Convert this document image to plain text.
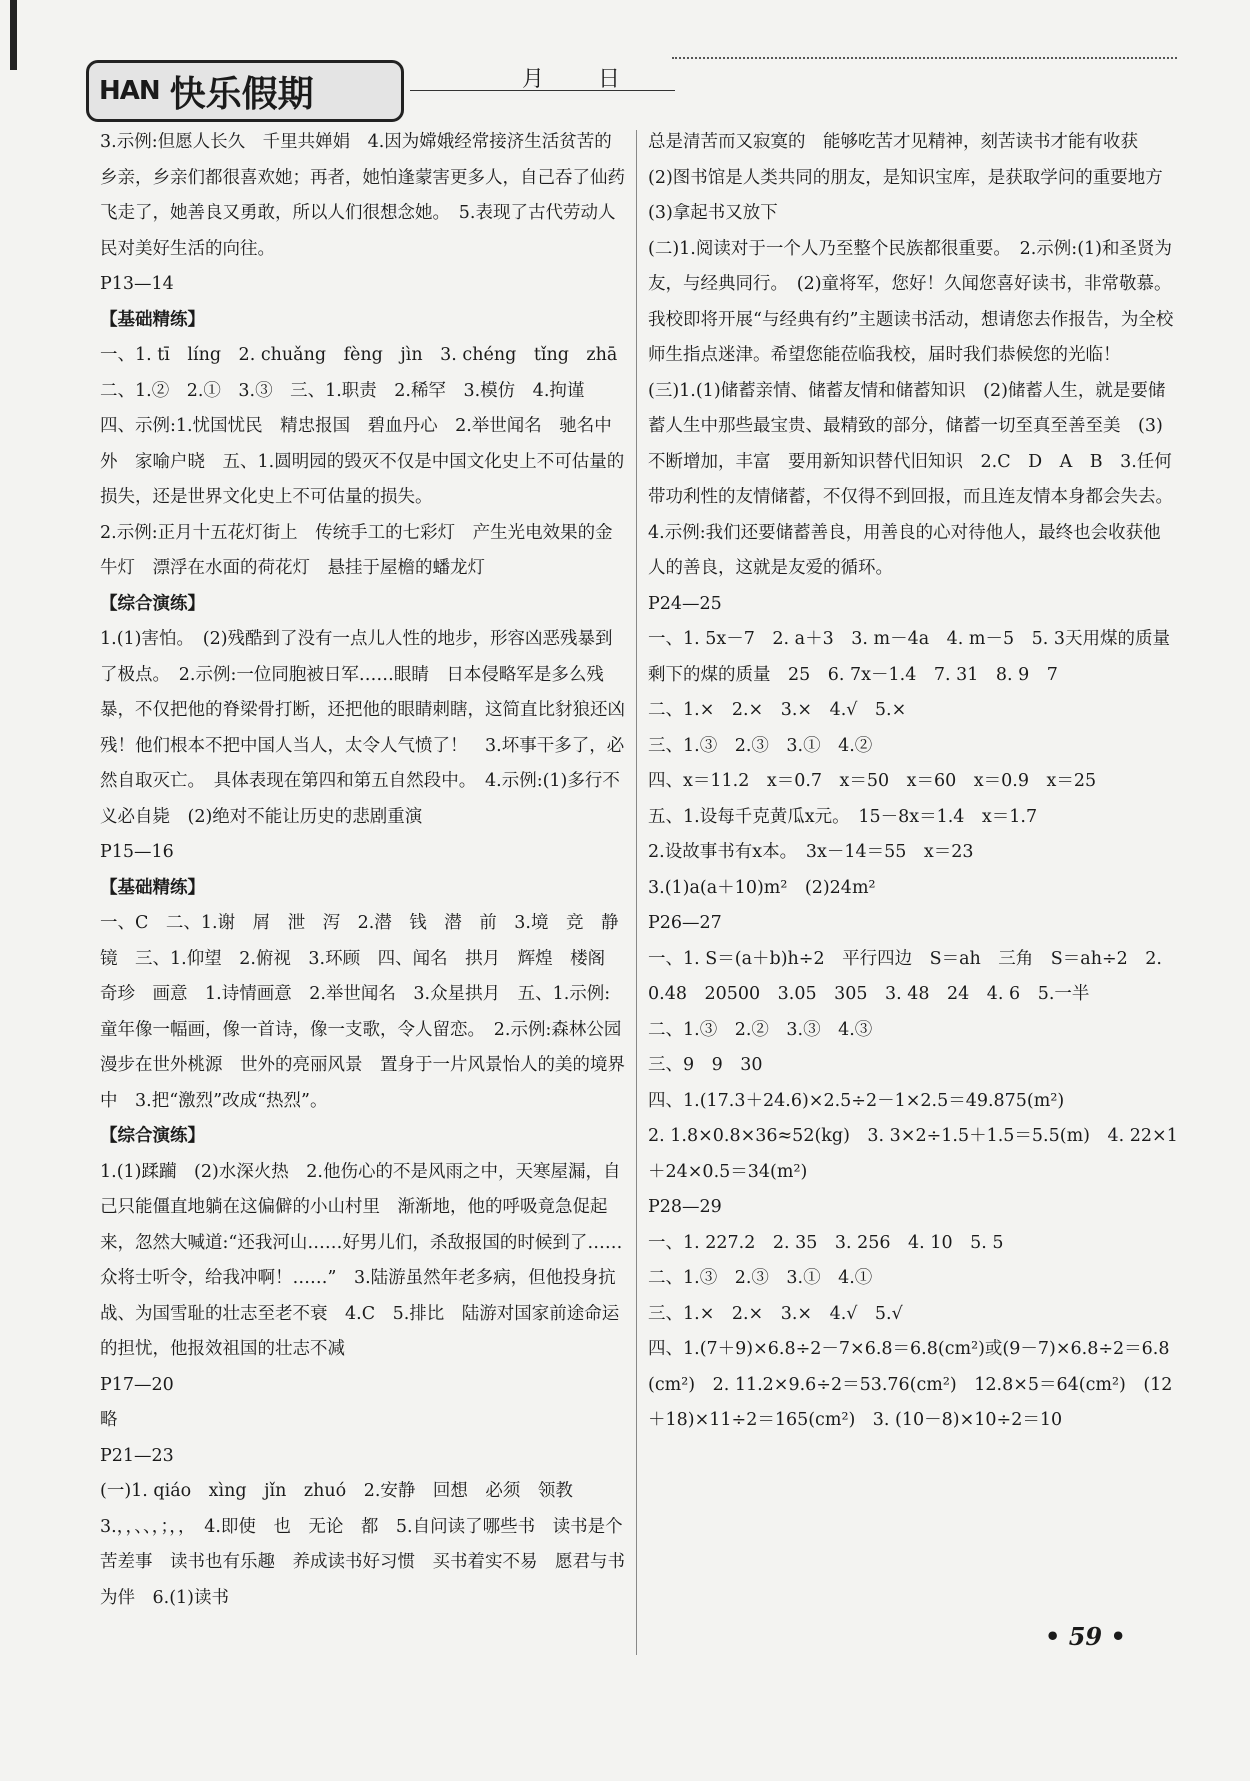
HAN 快乐假期	月 日

3.示例:但愿人长久　千里共婵娟　4.因为嫦娥经常接济生活贫苦的乡亲，乡亲们都很喜欢她；再者，她怕逢蒙害更多人，自己吞了仙药飞走了，她善良又勇敢，所以人们很想念她。　5.表现了古代劳动人民对美好生活的向往。

P13—14

【基础精练】

一、1. tī　líng　2. chuǎng　fèng　jìn　3. chéng　tǐng　zhā

二、1.②　2.①　3.③　三、1.职责　2.稀罕　3.模仿　4.拘谨　四、示例:1.忧国忧民　精忠报国　碧血丹心　2.举世闻名　驰名中外　家喻户晓　五、1.圆明园的毁灭不仅是中国文化史上不可估量的损失，还是世界文化史上不可估量的损失。

2.示例:正月十五花灯街上　传统手工的七彩灯　产生光电效果的金牛灯　漂浮在水面的荷花灯　悬挂于屋檐的蟠龙灯

【综合演练】

1.(1)害怕。　(2)残酷到了没有一点儿人性的地步，形容凶恶残暴到了极点。　2.示例:一位同胞被日军……眼睛　日本侵略军是多么残暴，不仅把他的脊梁骨打断，还把他的眼睛刺瞎，这简直比豺狼还凶残！他们根本不把中国人当人，太令人气愤了！　3.坏事干多了，必然自取灭亡。　具体表现在第四和第五自然段中。　4.示例:(1)多行不义必自毙　(2)绝对不能让历史的悲剧重演

P15—16

【基础精练】

一、C　二、1.谢　屑　泄　泻　2.潜　钱　潜　前　3.境　竞　静　镜　三、1.仰望　2.俯视　3.环顾　四、闻名　拱月　辉煌　楼阁　奇珍　画意　1.诗情画意　2.举世闻名　3.众星拱月　五、1.示例:童年像一幅画，像一首诗，像一支歌，令人留恋。　2.示例:森林公园　漫步在世外桃源　世外的亮丽风景　置身于一片风景怡人的美的境界中　3.把“激烈”改成“热烈”。

【综合演练】

1.(1)蹂躏　(2)水深火热　2.他伤心的不是风雨之中，天寒屋漏，自己只能僵直地躺在这偏僻的小山村里　渐渐地，他的呼吸竟急促起来，忽然大喊道:“还我河山……好男儿们，杀敌报国的时候到了……众将士听令，给我冲啊！……”　3.陆游虽然年老多病，但他投身抗战、为国雪耻的壮志至老不衰　4.C　5.排比　陆游对国家前途命运的担忧，他报效祖国的壮志不减

P17—20

略

P21—23

(一)1. qiáo　xìng　jǐn　zhuó　2.安静　回想　必须　领教　3.，，、、，；，，　4.即使　也　无论　都　5.自问读了哪些书　读书是个苦差事　读书也有乐趣　养成读书好习惯　买书着实不易　愿君与书为伴　6.(1)读书

总是清苦而又寂寞的　能够吃苦才见精神，刻苦读书才能有收获　(2)图书馆是人类共同的朋友，是知识宝库，是获取学问的重要地方　(3)拿起书又放下

(二)1.阅读对于一个人乃至整个民族都很重要。　2.示例:(1)和圣贤为友，与经典同行。　(2)童将军，您好！久闻您喜好读书，非常敬慕。我校即将开展“与经典有约”主题读书活动，想请您去作报告，为全校师生指点迷津。希望您能莅临我校，届时我们恭候您的光临！

(三)1.(1)储蓄亲情、储蓄友情和储蓄知识　(2)储蓄人生，就是要储蓄人生中那些最宝贵、最精致的部分，储蓄一切至真至善至美　(3)不断增加，丰富　要用新知识替代旧知识　2.C　D　A　B　3.任何带功利性的友情储蓄，不仅得不到回报，而且连友情本身都会失去。　4.示例:我们还要储蓄善良，用善良的心对待他人，最终也会收获他人的善良，这就是友爱的循环。

P24—25

一、1. 5x－7　2. a＋3　3. m－4a　4. m－5　5. 3天用煤的质量　剩下的煤的质量　25　6. 7x－1.4　7. 31　8. 9　7

二、1.×　2.×　3.×　4.√　5.×

三、1.③　2.③　3.①　4.②

四、x＝11.2　x＝0.7　x＝50　x＝60　x＝0.9　x＝25

五、1.设每千克黄瓜x元。　15－8x＝1.4　x＝1.7

2.设故事书有x本。　3x－14＝55　x＝23

3.(1)a(a＋10)m²　(2)24m²

P26—27

一、1. S＝(a＋b)h÷2　平行四边　S＝ah　三角　S＝ah÷2　2. 0.48　20500　3.05　305　3. 48　24　4. 6　5.一半

二、1.③　2.②　3.③　4.③

三、9　9　30

四、1.(17.3＋24.6)×2.5÷2－1×2.5＝49.875(m²)

2. 1.8×0.8×36≈52(kg)　3. 3×2÷1.5＋1.5＝5.5(m)　4. 22×1＋24×0.5＝34(m²)

P28—29

一、1. 227.2　2. 35　3. 256　4. 10　5. 5

二、1.③　2.③　3.①　4.①

三、1.×　2.×　3.×　4.√　5.√

四、1.(7＋9)×6.8÷2－7×6.8＝6.8(cm²)或(9－7)×6.8÷2＝6.8(cm²)　2. 11.2×9.6÷2＝53.76(cm²)　12.8×5＝64(cm²)　(12＋18)×11÷2＝165(cm²)　3. (10－8)×10÷2＝10

• 59 •
